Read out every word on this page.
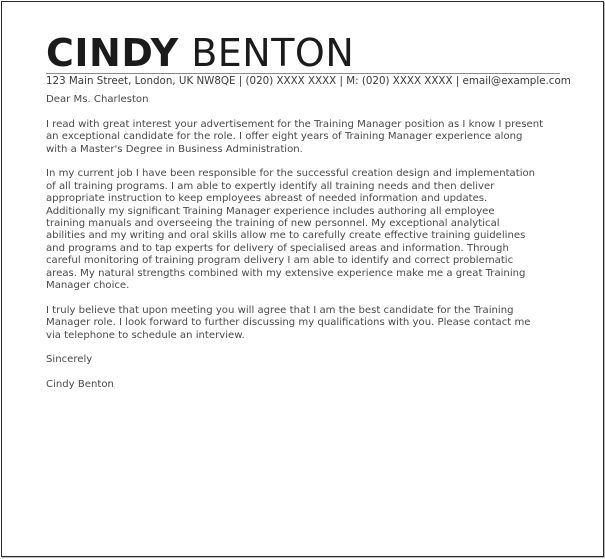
CINDY BENTON
123 Main Street, London, UK NW8QE | (020) XXXX XXXX | M: (020) XXXX XXXX | email@example.com

Dear Ms. Charleston

I read with great interest your advertisement for the Training Manager position as I know I present
an exceptional candidate for the role. I offer eight years of Training Manager experience along
with a Master's Degree in Business Administration.

In my current job I have been responsible for the successful creation design and implementation
of all training programs. I am able to expertly identify all training needs and then deliver
appropriate instruction to keep employees abreast of needed information and updates.
Additionally my significant Training Manager experience includes authoring all employee
training manuals and overseeing the training of new personnel. My exceptional analytical
abilities and my writing and oral skills allow me to carefully create effective training guidelines
and programs and to tap experts for delivery of specialised areas and information. Through
careful monitoring of training program delivery I am able to identify and correct problematic
areas. My natural strengths combined with my extensive experience make me a great Training
Manager choice.

I truly believe that upon meeting you will agree that I am the best candidate for the Training
Manager role. I look forward to further discussing my qualifications with you. Please contact me
via telephone to schedule an interview.

Sincerely

Cindy Benton
